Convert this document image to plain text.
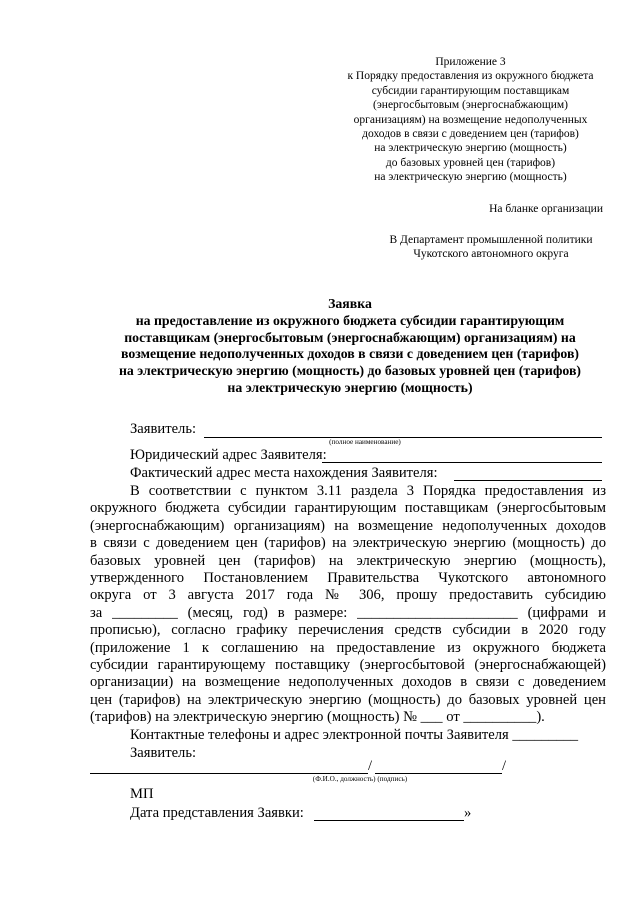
Приложение 3
к Порядку предоставления из окружного бюджета
субсидии гарантирующим поставщикам
(энергосбытовым (энергоснабжающим)
организациям) на возмещение недополученных
доходов в связи с доведением цен (тарифов)
на электрическую энергию (мощность)
до базовых уровней цен (тарифов)
на электрическую энергию (мощность)
На бланке организации
В Департамент промышленной политики
Чукотского автономного округа
Заявка
на предоставление из окружного бюджета субсидии гарантирующим
поставщикам (энергосбытовым (энергоснабжающим) организациям) на
возмещение недополученных доходов в связи с доведением цен (тарифов)
на электрическую энергию (мощность) до базовых уровней цен (тарифов)
на электрическую энергию (мощность)
Заявитель:
(полное наименование)
Юридический адрес Заявителя:
Фактический адрес места нахождения Заявителя:
В соответствии с пунктом 3.11 раздела 3 Порядка предоставления из
окружного бюджета субсидии гарантирующим поставщикам (энергосбытовым
(энергоснабжающим) организациям) на возмещение недополученных доходов
в связи с доведением цен (тарифов) на электрическую энергию (мощность) до
базовых уровней цен (тарифов) на электрическую энергию (мощность),
утвержденного Постановлением Правительства Чукотского автономного
округа от 3 августа 2017 года № 306, прошу предоставить субсидию
за _________ (месяц, год) в размере: ______________________ (цифрами и
прописью), согласно графику перечисления средств субсидии в 2020 году
(приложение 1 к соглашению на предоставление из окружного бюджета
субсидии гарантирующему поставщику (энергосбытовой (энергоснабжающей)
организации) на возмещение недополученных доходов в связи с доведением
цен (тарифов) на электрическую энергию (мощность) до базовых уровней цен
(тарифов) на электрическую энергию (мощность) № ___ от __________).
Контактные телефоны и адрес электронной почты Заявителя _________
Заявитель:
/	/
(Ф.И.О., должность) (подпись)
МП
Дата представления Заявки:	»
